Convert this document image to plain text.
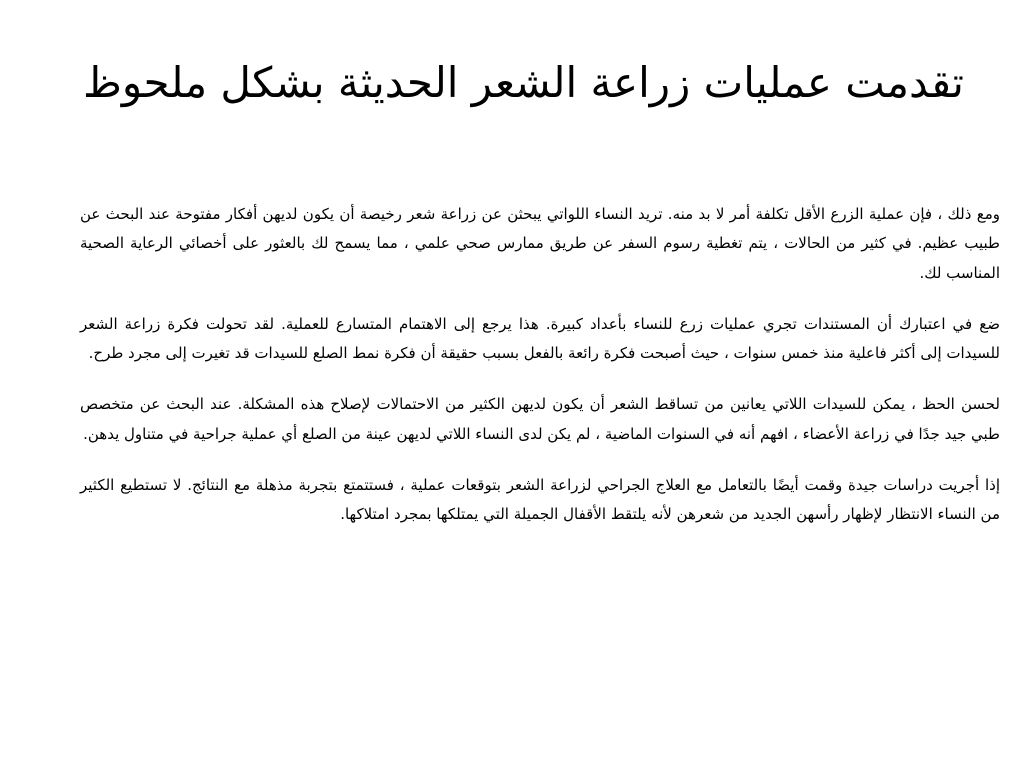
تقدمت عمليات زراعة الشعر الحديثة بشكل ملحوظ

ومع ذلك ، فإن عملية الزرع الأقل تكلفة أمر لا بد منه. تريد النساء اللواتي يبحثن عن زراعة شعر رخيصة أن يكون لديهن أفكار مفتوحة عند البحث عن طبيب عظيم. في كثير من الحالات ، يتم تغطية رسوم السفر عن طريق ممارس صحي علمي ، مما يسمح لك بالعثور على أخصائي الرعاية الصحية المناسب لك.

ضع في اعتبارك أن المستندات تجري عمليات زرع للنساء بأعداد كبيرة. هذا يرجع إلى الاهتمام المتسارع للعملية. لقد تحولت فكرة زراعة الشعر للسيدات إلى أكثر فاعلية منذ خمس سنوات ، حيث أصبحت فكرة رائعة بالفعل بسبب حقيقة أن فكرة نمط الصلع للسيدات قد تغيرت إلى مجرد طرح.

لحسن الحظ ، يمكن للسيدات اللاتي يعانين من تساقط الشعر أن يكون لديهن الكثير من الاحتمالات لإصلاح هذه المشكلة. عند البحث عن متخصص طبي جيد جدًا في زراعة الأعضاء ، افهم أنه في السنوات الماضية ، لم يكن لدى النساء اللاتي لديهن عينة من الصلع أي عملية جراحية في متناول يدهن.

إذا أجريت دراسات جيدة وقمت أيضًا بالتعامل مع العلاج الجراحي لزراعة الشعر بتوقعات عملية ، فستتمتع بتجربة مذهلة مع النتائج. لا تستطيع الكثير من النساء الانتظار لإظهار رأسهن الجديد من شعرهن لأنه يلتقط الأقفال الجميلة التي يمتلكها بمجرد امتلاكها.
